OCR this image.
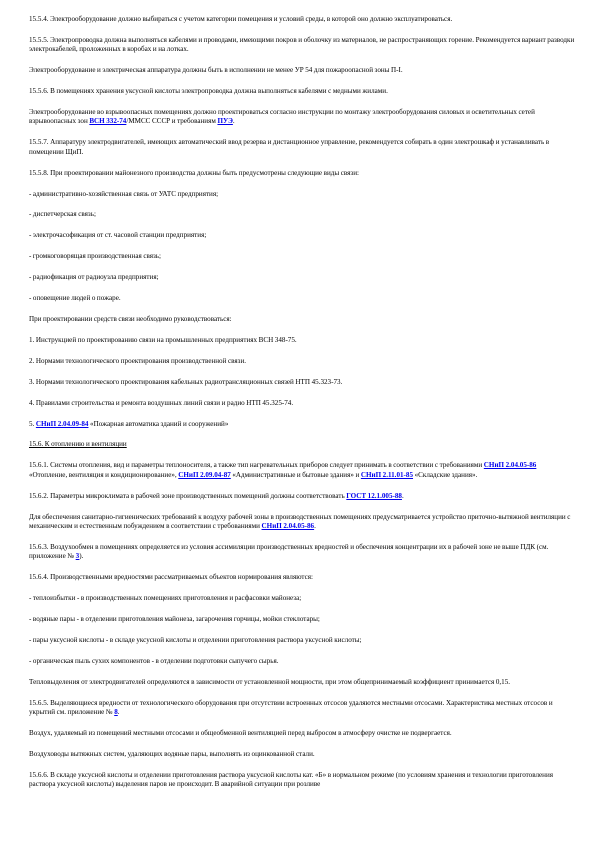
15.5.4. Электрооборудование должно выбираться с учетом категории помещения и условий среды, в которой оно должно эксплуатироваться.

15.5.5. Электропроводка должна выполняться кабелями и проводами, имеющими покров и оболочку из материалов, не распространяющих горение. Рекомендуется вариант разводки электрокабелей, проложенных в коробах и на лотках.

Электрооборудование и электрическая аппаратура должны быть в исполнении не менее УР 54 для пожароопасной зоны П-I.

15.5.6. В помещениях хранения уксусной кислоты электропроводка должна выполняться кабелями с медными жилами.

Электрооборудование во взрывоопасных помещениях должно проектироваться согласно инструкции по монтажу электрооборудования силовых и осветительных сетей взрывоопасных зон ВСН 332-74/ММСС СССР и требованиям ПУЭ.

15.5.7. Аппаратуру электродвигателей, имеющих автоматический ввод резерва и дистанционное управление, рекомендуется собирать в один электрошкаф и устанавливать в помещении ЩиП.

15.5.8. При проектировании майонезного производства должны быть предусмотрены следующие виды связи:

- административно-хозяйственная связь от УАТС предприятия;

- диспетчерская связь;

- электрочасофикация от ст. часовой станции предприятия;

- громкоговорящая производственная связь;

- радиофикация от радиоузла предприятия;

- оповещение людей о пожаре.

При проектировании средств связи необходимо руководствоваться:

1. Инструкцией по проектированию связи на промышленных предприятиях ВСН 348-75.

2. Нормами технологического проектирования производственной связи.

3. Нормами технологического проектирования кабельных радиотрансляционных связей НТП 45.323-73.

4. Правилами строительства и ремонта воздушных линий связи и радио НТП 45.325-74.

5. СНиП 2.04.09-84 «Пожарная автоматика зданий и сооружений»

15.6. К отоплению и вентиляции

15.6.1. Системы отопления, вид и параметры теплоносителя, а также тип нагревательных приборов следует принимать в соответствии с требованиями СНиП 2.04.05-86 «Отопление, вентиляция и кондиционирование», СНиП 2.09.04-87 «Административные и бытовые здания» и СНиП 2.11.01-85 «Складские здания».

15.6.2. Параметры микроклимата в рабочей зоне производственных помещений должны соответствовать ГОСТ 12.1.005-88.

Для обеспечения санитарно-гигиенических требований к воздуху рабочей зоны в производственных помещениях предусматривается устройство приточно-вытяжной вентиляции с механическим и естественным побуждением в соответствии с требованиями СНиП 2.04.05-86.

15.6.3. Воздухообмен в помещениях определяется из условия ассимиляции производственных вредностей и обеспечения концентрации их в рабочей зоне не выше ПДК (см. приложение № 3).

15.6.4. Производственными вредностями рассматриваемых объектов нормирования являются:

- теплоизбытки - в производственных помещениях приготовления и расфасовки майонеза;

- водяные пары - в отделении приготовления майонеза, загарочения горчицы, мойки стеклотары;

- пары уксусной кислоты - в складе уксусной кислоты и отделении приготовления раствора уксусной кислоты;

- органическая пыль сухих компонентов - в отделении подготовки сыпучего сырья.

Тепловыделения от электродвигателей определяются в зависимости от установленной мощности, при этом общепринимаемый коэффициент принимается 0,15.

15.6.5. Выделяющиеся вредности от технологического оборудования при отсутствии встроенных отсосов удаляются местными отсосами. Характеристика местных отсосов и укрытий см. приложение № 8.

Воздух, удаляемый из помещений местными отсосами и общеобменной вентиляцией перед выбросом в атмосферу очистке не подвергается.

Воздуховоды вытяжных систем, удаляющих водяные пары, выполнять из оцинкованной стали.

15.6.6. В складе уксусной кислоты и отделении приготовления раствора уксусной кислоты кат. «Б» в нормальном режиме (по условиям хранения и технологии приготовления раствора уксусной кислоты) выделения паров не происходит. В аварийной ситуации при розливе
